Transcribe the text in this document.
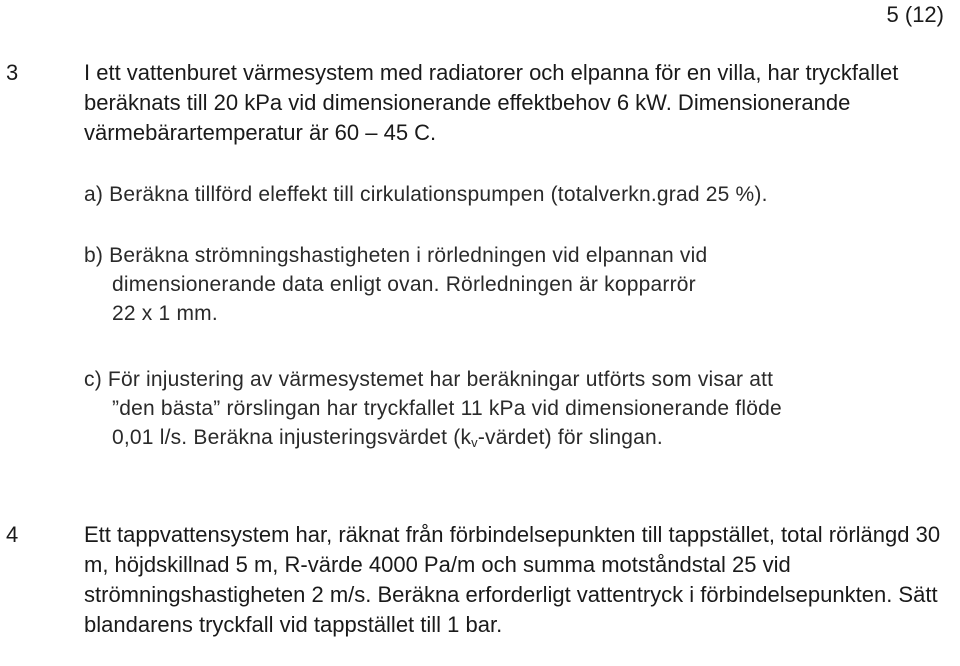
5 (12)
3	I ett vattenburet värmesystem med radiatorer och elpanna för en villa, har tryckfallet beräknats till 20 kPa vid dimensionerande effektbehov 6 kW. Dimensionerande värmebärartemperatur är 60 – 45 C.
a) Beräkna tillförd eleffekt till cirkulationspumpen (totalverkn.grad 25 %).
b) Beräkna strömningshastigheten i rörledningen vid elpannan vid
dimensionerande data enligt ovan. Rörledningen är kopparrör
22 x 1 mm.
c) För injustering av värmesystemet har beräkningar utförts som visar att
”den bästa” rörslingan har tryckfallet 11 kPa vid dimensionerande flöde
0,01 l/s. Beräkna injusteringsvärdet $(k_v-värdet)$ för slingan.
4	Ett tappvattensystem har, räknat från förbindelsepunkten till tappstället, total rörlängd 30 m, höjdskillnad 5 m, R-värde 4000 Pa/m och summa motståndstal 25 vid strömningshastigheten 2 m/s. Beräkna erforderligt vattentryck i förbindelsepunkten. Sätt blandarens tryckfall vid tappstället till 1 bar.
